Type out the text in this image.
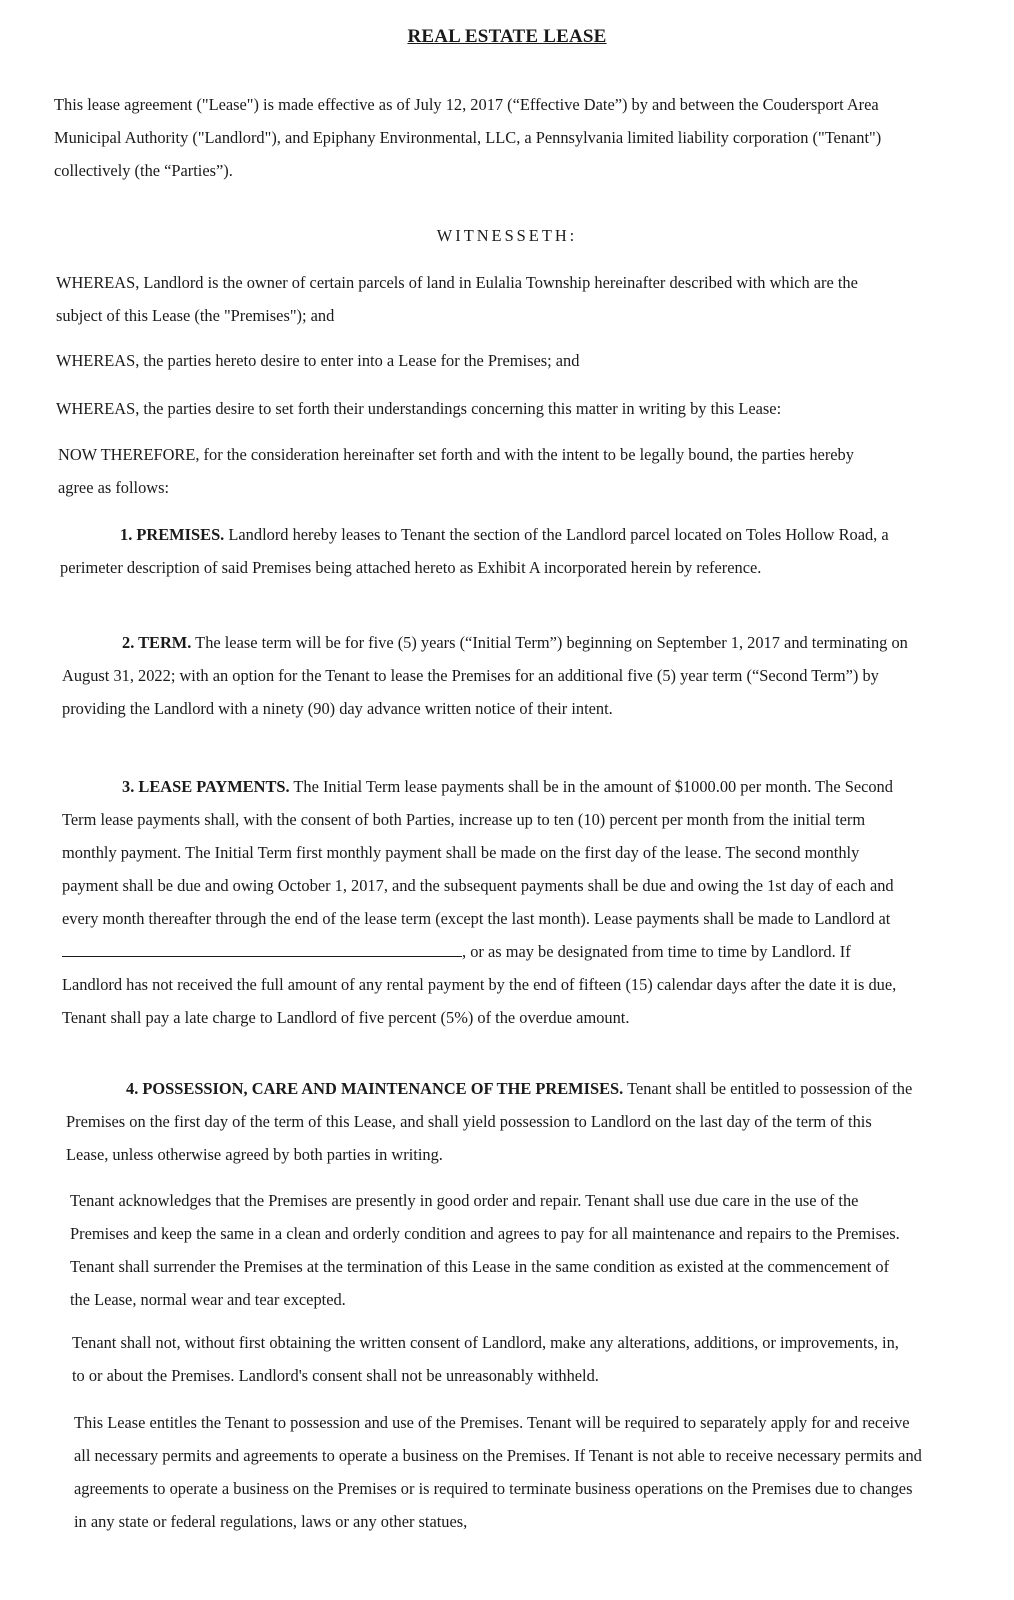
REAL ESTATE LEASE

This lease agreement ("Lease") is made effective as of July 12, 2017 (“Effective Date”) by and between the Coudersport Area Municipal Authority ("Landlord"), and Epiphany Environmental, LLC, a Pennsylvania limited liability corporation ("Tenant") collectively (the “Parties”).

WITNESSETH:

WHEREAS, Landlord is the owner of certain parcels of land in Eulalia Township hereinafter described with which are the subject of this Lease (the "Premises"); and

WHEREAS, the parties hereto desire to enter into a Lease for the Premises; and

WHEREAS, the parties desire to set forth their understandings concerning this matter in writing by this Lease:

NOW THEREFORE, for the consideration hereinafter set forth and with the intent to be legally bound, the parties hereby agree as follows:

1. PREMISES. Landlord hereby leases to Tenant the section of the Landlord parcel located on Toles Hollow Road, a perimeter description of said Premises being attached hereto as Exhibit A incorporated herein by reference.

2. TERM. The lease term will be for five (5) years (“Initial Term”) beginning on September 1, 2017 and terminating on August 31, 2022; with an option for the Tenant to lease the Premises for an additional five (5) year term (“Second Term”) by providing the Landlord with a ninety (90) day advance written notice of their intent.

3. LEASE PAYMENTS. The Initial Term lease payments shall be in the amount of $1000.00 per month. The Second Term lease payments shall, with the consent of both Parties, increase up to ten (10) percent per month from the initial term monthly payment. The Initial Term first monthly payment shall be made on the first day of the lease. The second monthly payment shall be due and owing October 1, 2017, and the subsequent payments shall be due and owing the 1st day of each and every month thereafter through the end of the lease term (except the last month). Lease payments shall be made to Landlord at
, or as may be designated from time to time by Landlord. If Landlord has not received the full amount of any rental payment by the end of fifteen (15) calendar days after the date it is due, Tenant shall pay a late charge to Landlord of five percent (5%) of the overdue amount.

4. POSSESSION, CARE AND MAINTENANCE OF THE PREMISES. Tenant shall be entitled to possession of the Premises on the first day of the term of this Lease, and shall yield possession to Landlord on the last day of the term of this Lease, unless otherwise agreed by both parties in writing.

Tenant acknowledges that the Premises are presently in good order and repair. Tenant shall use due care in the use of the Premises and keep the same in a clean and orderly condition and agrees to pay for all maintenance and repairs to the Premises. Tenant shall surrender the Premises at the termination of this Lease in the same condition as existed at the commencement of the Lease, normal wear and tear excepted.

Tenant shall not, without first obtaining the written consent of Landlord, make any alterations, additions, or improvements, in, to or about the Premises. Landlord's consent shall not be unreasonably withheld.

This Lease entitles the Tenant to possession and use of the Premises. Tenant will be required to separately apply for and receive all necessary permits and agreements to operate a business on the Premises. If Tenant is not able to receive necessary permits and agreements to operate a business on the Premises or is required to terminate business operations on the Premises due to changes in any state or federal regulations, laws or any other statues,
